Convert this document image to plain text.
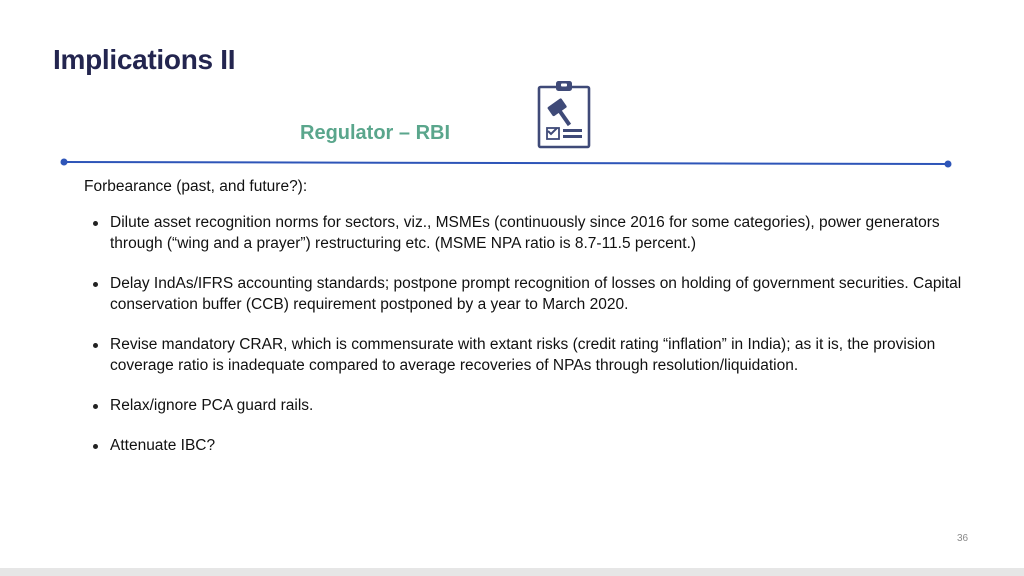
Implications II
Regulator – RBI

Forbearance (past, and future?):

Dilute asset recognition norms for sectors, viz., MSMEs (continuously since 2016 for some categories), power generators through (“wing and a prayer”) restructuring etc. (MSME NPA ratio is 8.7-11.5 percent.)
Delay IndAs/IFRS accounting standards; postpone prompt recognition of losses on holding of government securities. Capital conservation buffer (CCB) requirement postponed by a year to March 2020.
Revise mandatory CRAR, which is commensurate with extant risks (credit rating “inflation” in India); as it is, the provision coverage ratio is inadequate compared to average recoveries of NPAs through resolution/liquidation.
Relax/ignore PCA guard rails.
Attenuate IBC?
36
